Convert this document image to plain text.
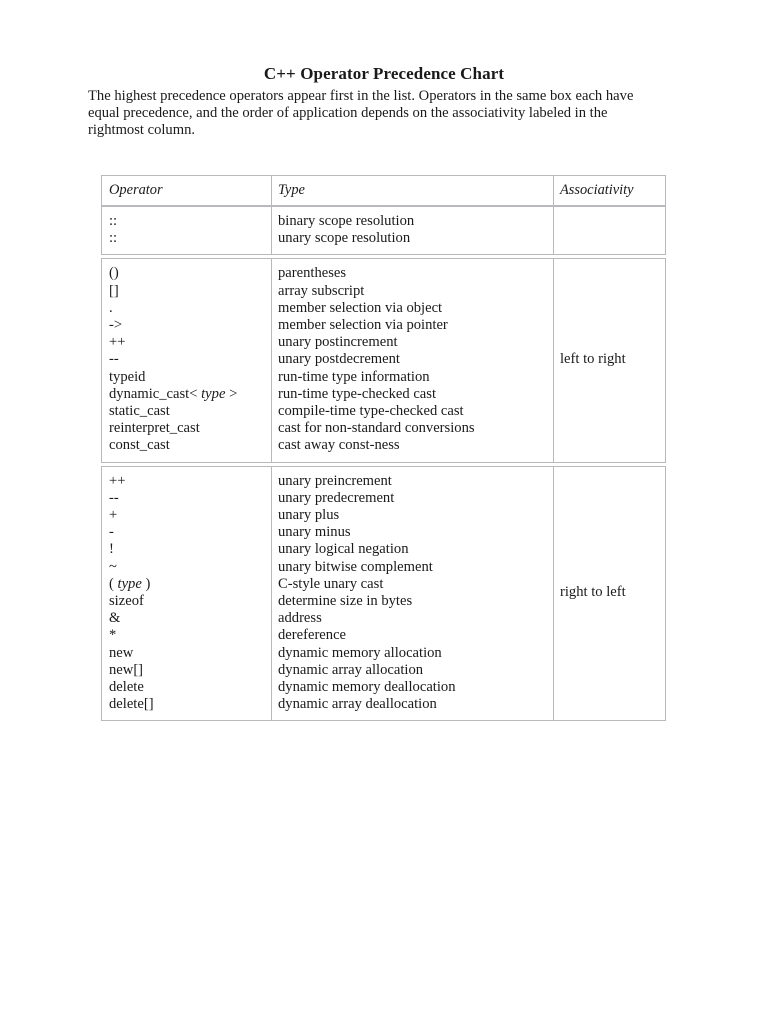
C++ Operator Precedence Chart
The highest precedence operators appear first in the list. Operators in the same box each have equal precedence, and the order of application depends on the associativity labeled in the rightmost column.
Operator	Type	Associativity
::
::
binary scope resolution
unary scope resolution
()
[]
.
->
++
--
typeid
dynamic_cast< type >
static_cast
reinterpret_cast
const_cast
parentheses
array subscript
member selection via object
member selection via pointer
unary postincrement
unary postdecrement
run-time type information
run-time type-checked cast
compile-time type-checked cast
cast for non-standard conversions
cast away const-ness
left to right
++
--
+
-
!
~
( type )
sizeof
&
*
new
new[]
delete
delete[]
unary preincrement
unary predecrement
unary plus
unary minus
unary logical negation
unary bitwise complement
C-style unary cast
determine size in bytes
address
dereference
dynamic memory allocation
dynamic array allocation
dynamic memory deallocation
dynamic array deallocation
right to left
